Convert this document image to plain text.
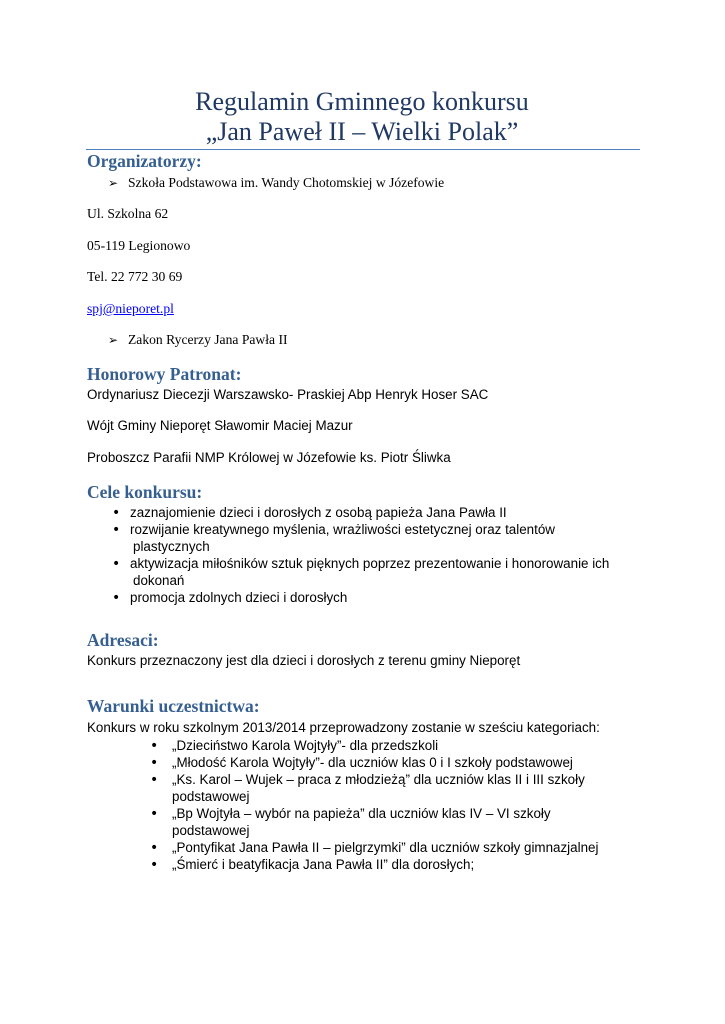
Regulamin Gminnego konkursu
„Jan Paweł II – Wielki Polak”
Organizatorzy:
➢ Szkoła Podstawowa im. Wandy Chotomskiej w Józefowie
Ul. Szkolna 62
05-119 Legionowo
Tel. 22 772 30 69
spj@nieporet.pl
➢ Zakon Rycerzy Jana Pawła II
Honorowy Patronat:
Ordynariusz Diecezji Warszawsko- Praskiej Abp Henryk Hoser SAC
Wójt Gminy Nieporęt Sławomir Maciej Mazur
Proboszcz Parafii NMP Królowej w Józefowie ks. Piotr Śliwka
Cele konkursu:
• zaznajomienie dzieci i dorosłych z osobą papieża Jana Pawła II
• rozwijanie kreatywnego myślenia, wrażliwości estetycznej oraz talentów
plastycznych
• aktywizacja miłośników sztuk pięknych poprzez prezentowanie i honorowanie ich
dokonań
• promocja zdolnych dzieci i dorosłych
Adresaci:
Konkurs przeznaczony jest dla dzieci i dorosłych z terenu gminy Nieporęt
Warunki uczestnictwa:
Konkurs w roku szkolnym 2013/2014 przeprowadzony zostanie w sześciu kategoriach:
• „Dzieciństwo Karola Wojtyły”- dla przedszkoli
• „Młodość Karola Wojtyły”- dla uczniów klas 0 i I szkoły podstawowej
• „Ks. Karol – Wujek – praca z młodzieżą” dla uczniów klas II i III szkoły
podstawowej
• „Bp Wojtyła – wybór na papieża” dla uczniów klas IV – VI szkoły
podstawowej
• „Pontyfikat Jana Pawła II – pielgrzymki” dla uczniów szkoły gimnazjalnej
• „Śmierć i beatyfikacja Jana Pawła II” dla dorosłych;
